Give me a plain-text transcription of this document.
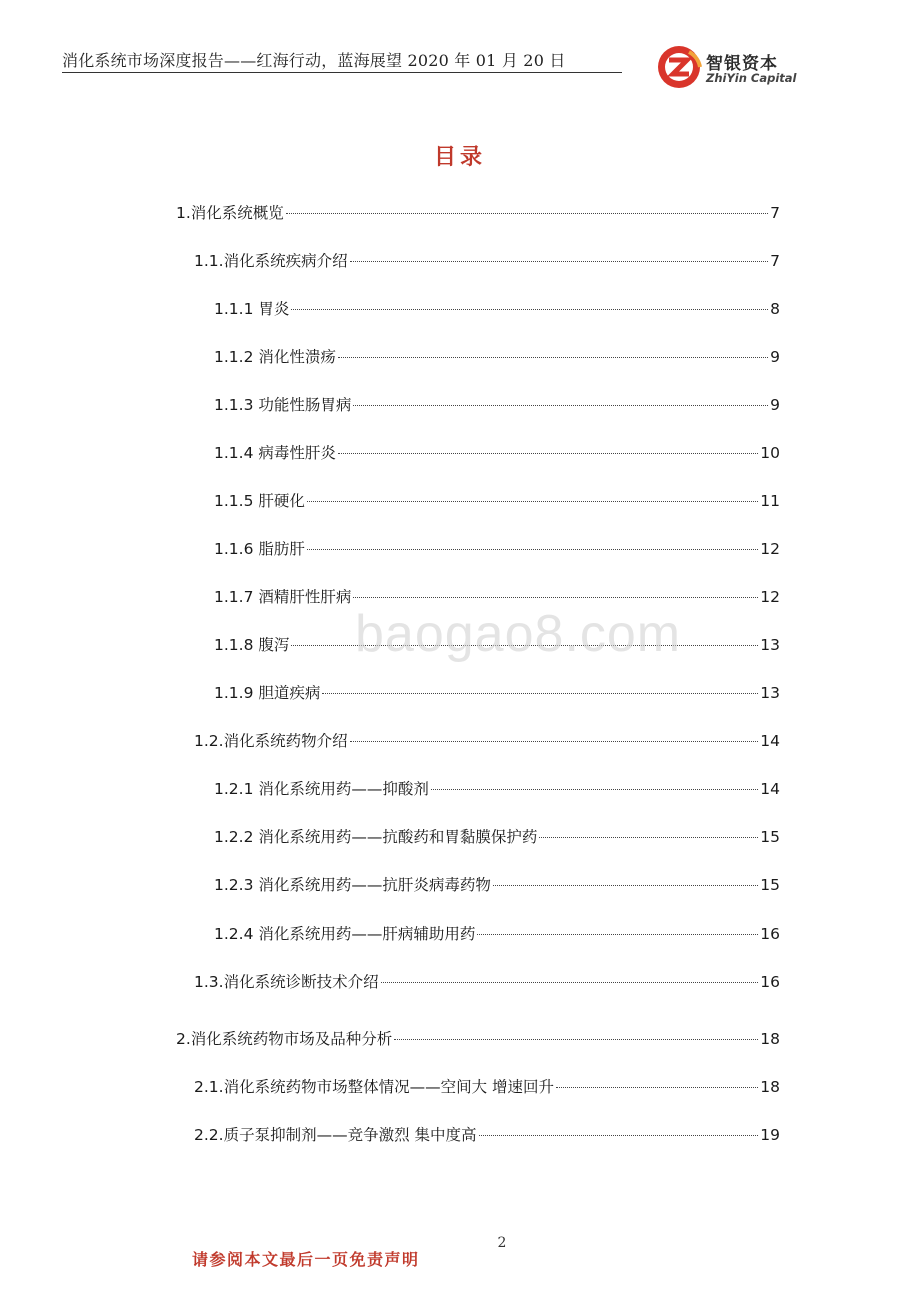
消化系统市场深度报告——红海行动，蓝海展望 2020 年 01 月 20 日	智银资本
ZhiYin Capital
目录
1.消化系统概览	7
1.1.消化系统疾病介绍	7
1.1.1 胃炎	8
1.1.2 消化性溃疡	9
1.1.3 功能性肠胃病	9
1.1.4 病毒性肝炎	10
1.1.5 肝硬化	11
1.1.6 脂肪肝	12
1.1.7 酒精肝性肝病	12
1.1.8 腹泻	13
1.1.9 胆道疾病	13
1.2.消化系统药物介绍	14
1.2.1 消化系统用药——抑酸剂	14
1.2.2 消化系统用药——抗酸药和胃黏膜保护药	15
1.2.3 消化系统用药——抗肝炎病毒药物	15
1.2.4 消化系统用药——肝病辅助用药	16
1.3.消化系统诊断技术介绍	16
2.消化系统药物市场及品种分析	18
2.1.消化系统药物市场整体情况——空间大 增速回升	18
2.2.质子泵抑制剂——竞争激烈 集中度高	19
baogao8.com
2
请参阅本文最后一页免责声明
